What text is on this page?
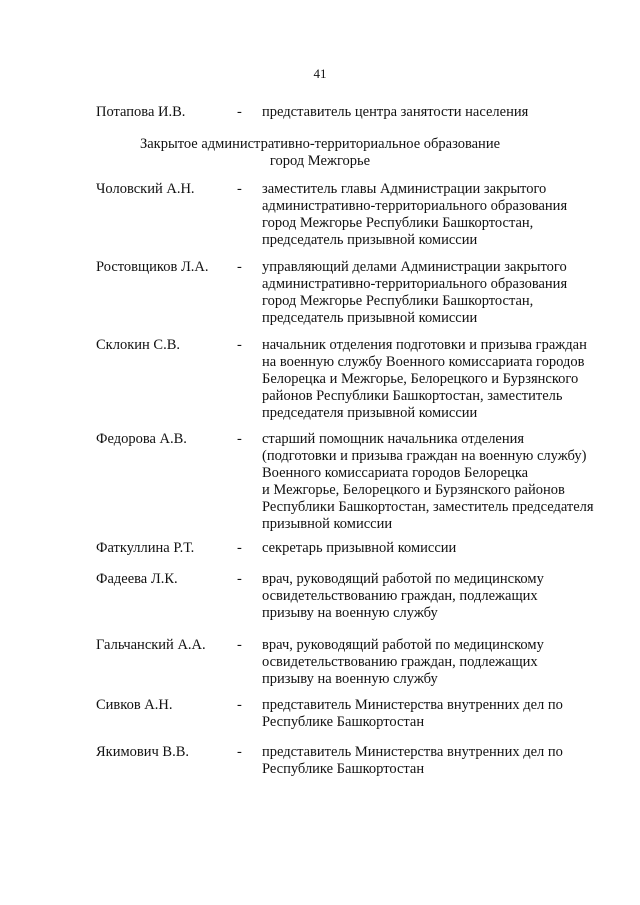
41
Потапова И.В.	- представитель центра занятости населения
Закрытое административно-территориальное образование
город Межгорье
Чоловский А.Н.	- заместитель главы Администрации закрытого
административно-территориального образования
город Межгорье Республики Башкортостан,
председатель призывной комиссии
Ростовщиков Л.А. - управляющий делами Администрации закрытого
административно-территориального образования
город Межгорье Республики Башкортостан,
председатель призывной комиссии
Склокин С.В.	- начальник отделения подготовки и призыва граждан
на военную службу Военного комиссариата городов
Белорецка и Межгорье, Белорецкого и Бурзянского
районов Республики Башкортостан, заместитель
председателя призывной комиссии
Федорова А.В.	- старший помощник начальника отделения
(подготовки и призыва граждан на военную службу)
Военного комиссариата городов Белорецка
и Межгорье, Белорецкого и Бурзянского районов
Республики Башкортостан, заместитель председателя
призывной комиссии
Фаткуллина Р.Т.	- секретарь призывной комиссии
Фадеева Л.К.	- врач, руководящий работой по медицинскому
освидетельствованию граждан, подлежащих
призыву на военную службу
Гальчанский А.А. - врач, руководящий работой по медицинскому
освидетельствованию граждан, подлежащих
призыву на военную службу
Сивков А.Н.	- представитель Министерства внутренних дел по
Республике Башкортостан
Якимович В.В.	- представитель Министерства внутренних дел по
Республике Башкортостан
